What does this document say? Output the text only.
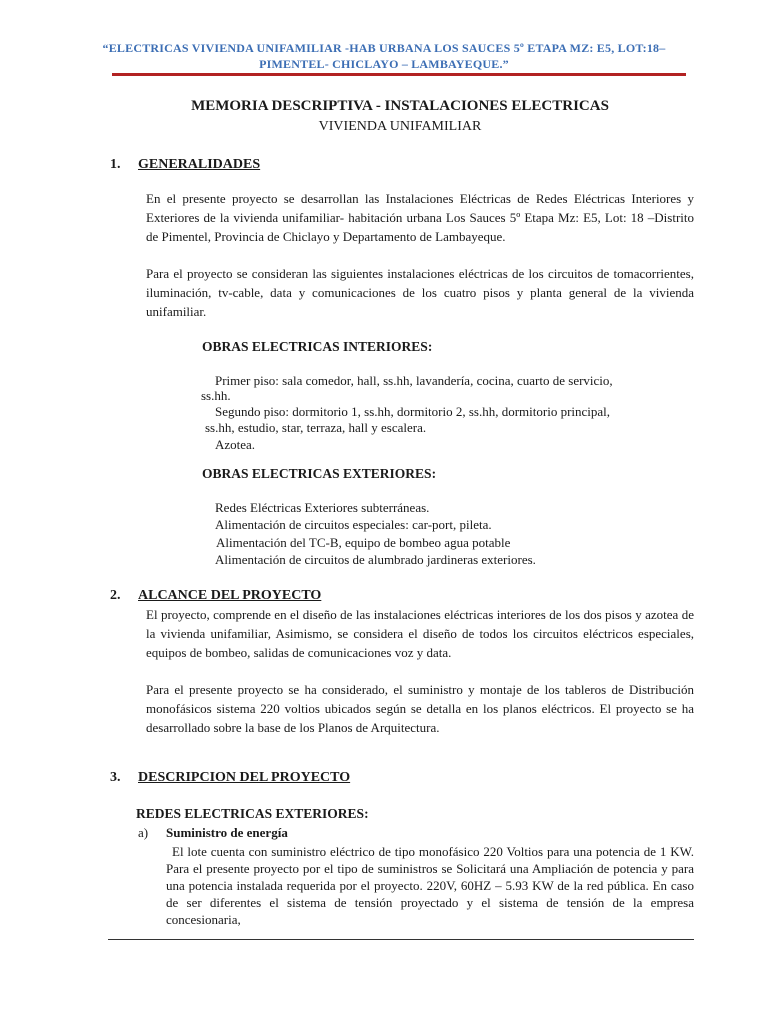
“ELECTRICAS VIVIENDA UNIFAMILIAR -HAB URBANA LOS SAUCES 5º ETAPA MZ: E5, LOT:18–
PIMENTEL- CHICLAYO – LAMBAYEQUE.”
MEMORIA DESCRIPTIVA - INSTALACIONES ELECTRICAS
VIVIENDA UNIFAMILIAR
1. GENERALIDADES
En el presente proyecto se desarrollan las Instalaciones Eléctricas de Redes Eléctricas Interiores y Exteriores de la vivienda unifamiliar- habitación urbana Los Sauces 5º Etapa Mz: E5, Lot: 18 –Distrito de Pimentel, Provincia de Chiclayo y Departamento de Lambayeque.
Para el proyecto se consideran las siguientes instalaciones eléctricas de los circuitos de tomacorrientes, iluminación, tv-cable, data y comunicaciones de los cuatro pisos y planta general de la vivienda unifamiliar.
OBRAS ELECTRICAS INTERIORES:
Primer piso: sala comedor, hall, ss.hh, lavandería, cocina, cuarto de servicio,
ss.hh.
Segundo piso: dormitorio 1, ss.hh, dormitorio 2, ss.hh, dormitorio principal,
ss.hh, estudio, star, terraza, hall y escalera.
Azotea.
OBRAS ELECTRICAS EXTERIORES:
Redes Eléctricas Exteriores subterráneas.
Alimentación de circuitos especiales: car-port, pileta.
Alimentación del TC-B, equipo de bombeo agua potable
Alimentación de circuitos de alumbrado jardineras exteriores.
2. ALCANCE DEL PROYECTO
El proyecto, comprende en el diseño de las instalaciones eléctricas interiores de los dos pisos y azotea de la vivienda unifamiliar, Asimismo, se considera el diseño de todos los circuitos eléctricos especiales, equipos de bombeo, salidas de comunicaciones voz y data.
Para el presente proyecto se ha considerado, el suministro y montaje de los tableros de Distribución monofásicos sistema 220 voltios ubicados según se detalla en los planos eléctricos. El proyecto se ha desarrollado sobre la base de los Planos de Arquitectura.
3. DESCRIPCION DEL PROYECTO
REDES ELECTRICAS EXTERIORES:
a) Suministro de energía
El lote cuenta con suministro eléctrico de tipo monofásico 220 Voltios para una potencia de 1 KW. Para el presente proyecto por el tipo de suministros se Solicitará una Ampliación de potencia y para una potencia instalada requerida por el proyecto. 220V, 60HZ – 5.93 KW de la red pública. En caso de ser diferentes el sistema de tensión proyectado y el sistema de tensión de la empresa concesionaria,
